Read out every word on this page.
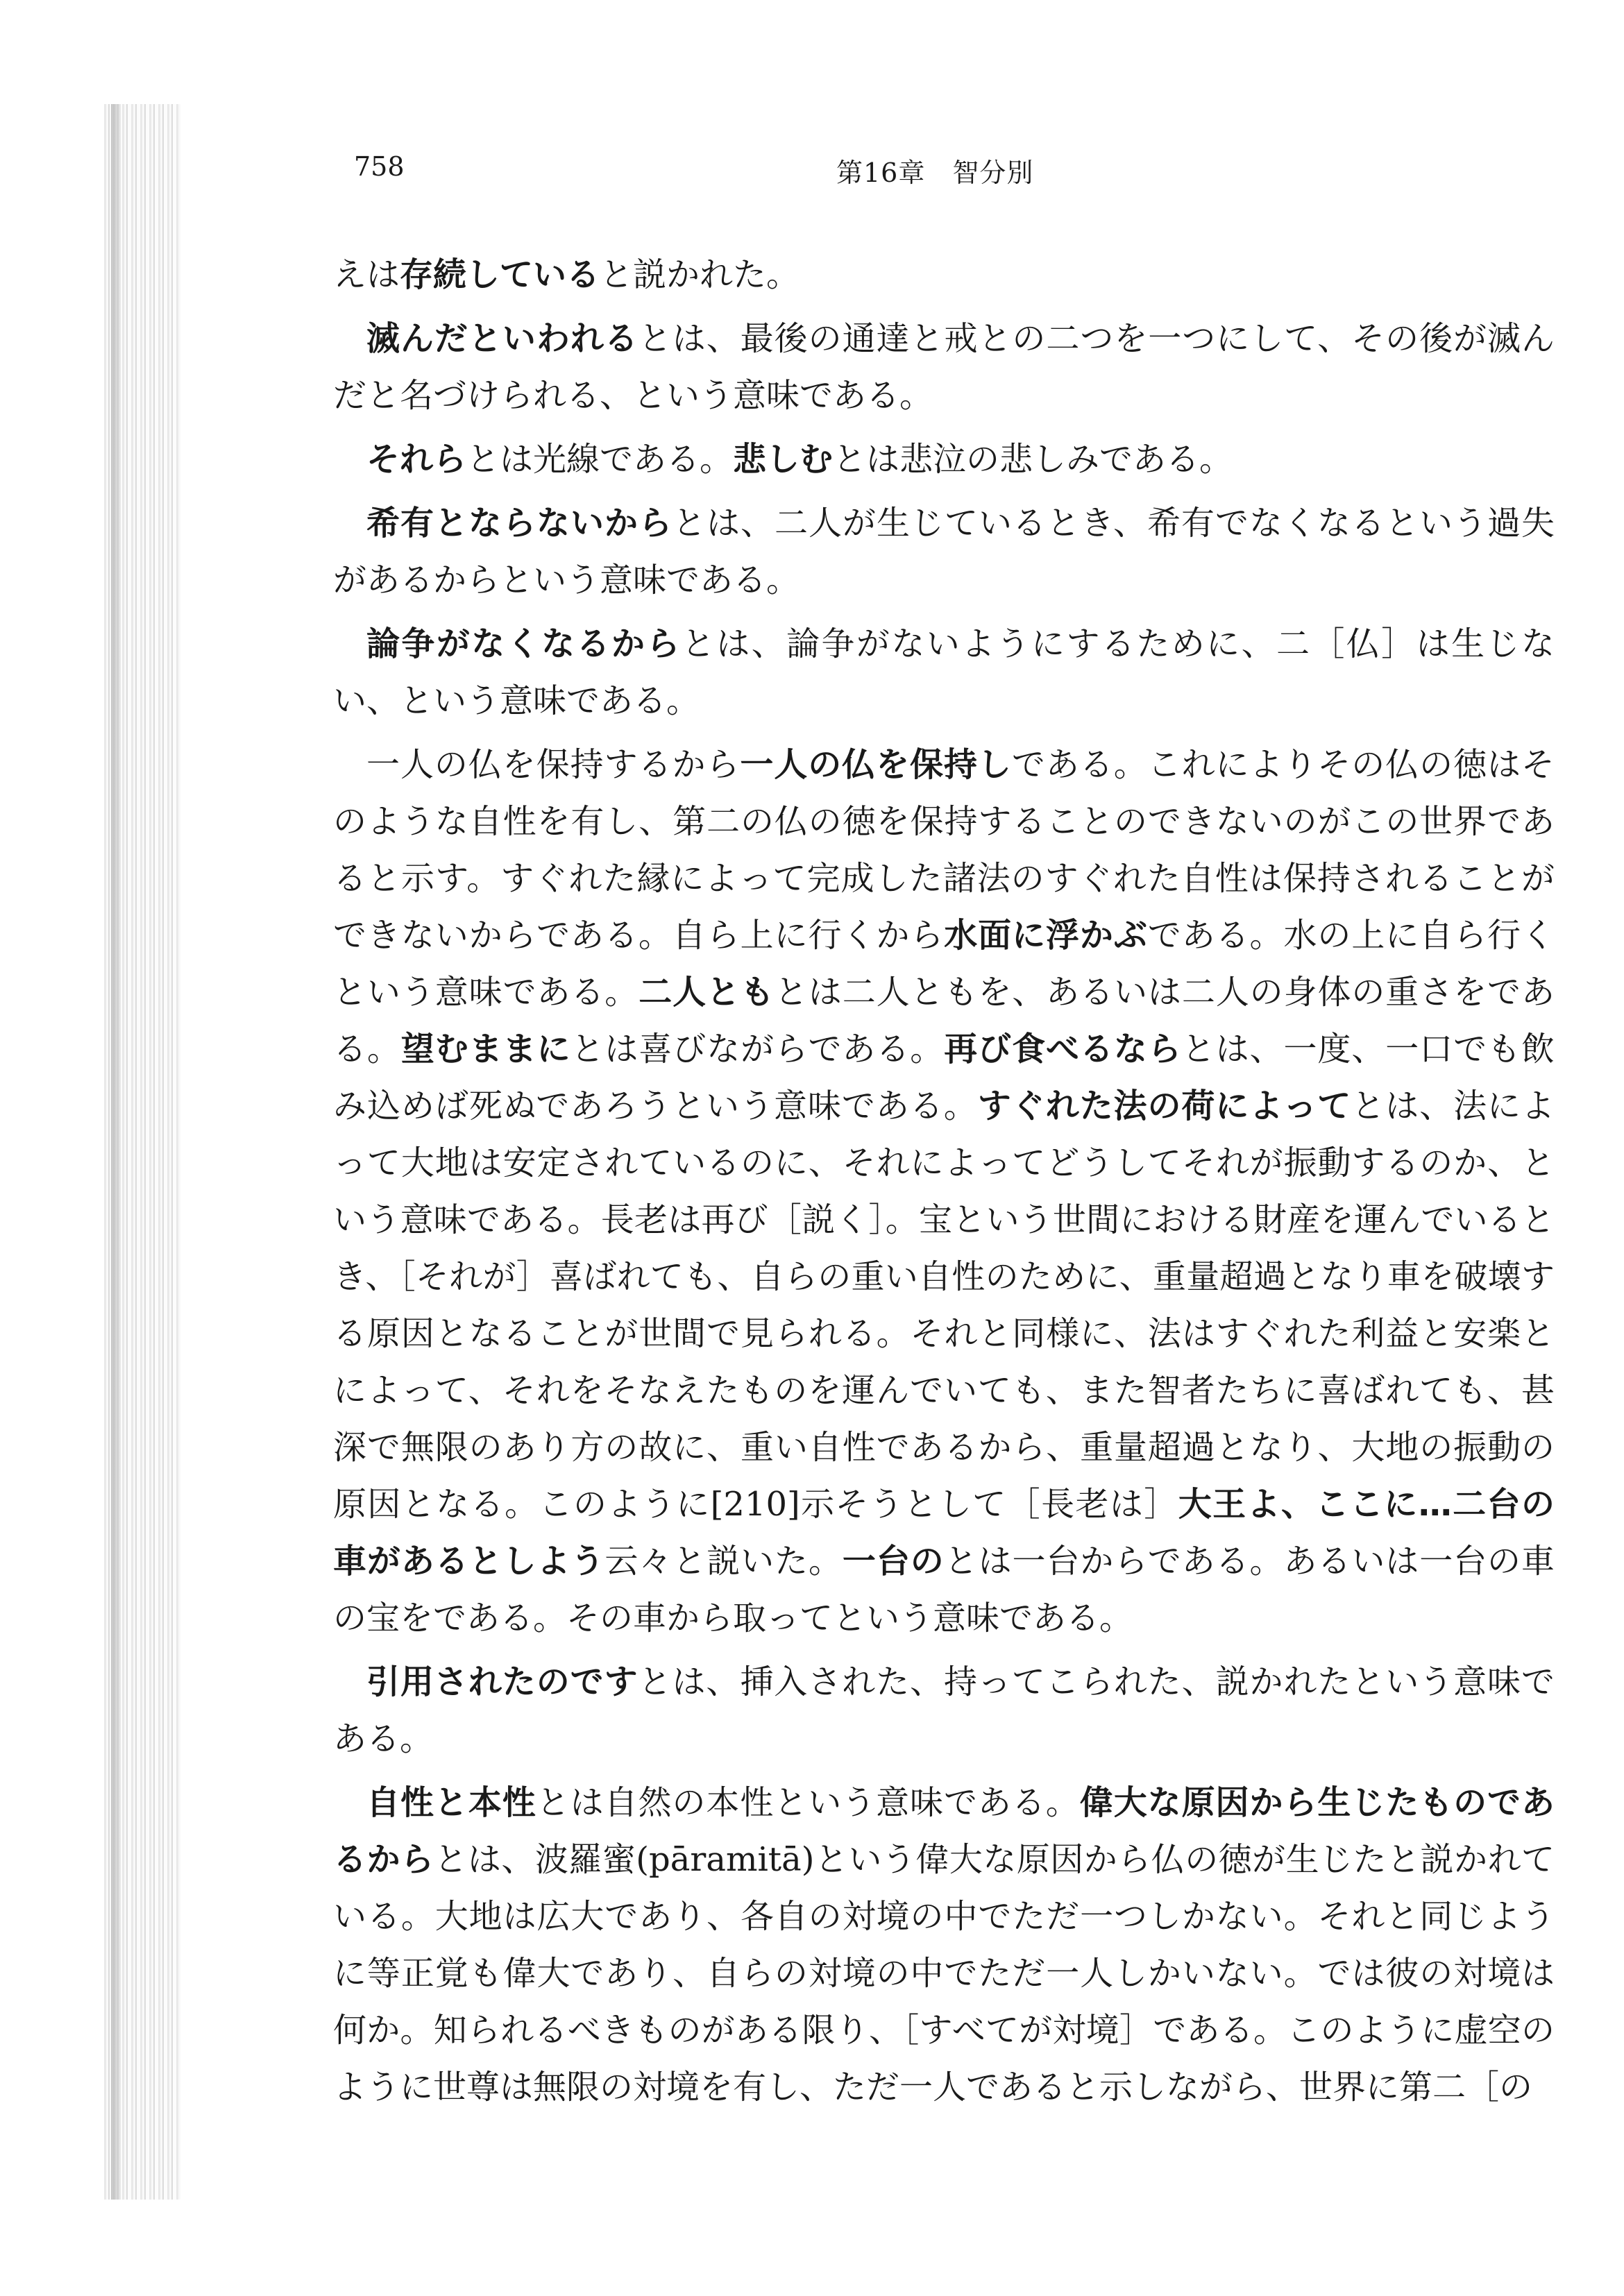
758	第16章　智分別

えは存続していると説かれた。

滅んだといわれるとは、最後の通達と戒との二つを一つにして、その後が滅んだと名づけられる、という意味である。

それらとは光線である。悲しむとは悲泣の悲しみである。

希有とならないからとは、二人が生じているとき、希有でなくなるという過失があるからという意味である。

論争がなくなるからとは、論争がないようにするために、二［仏］は生じない、という意味である。

一人の仏を保持するから一人の仏を保持しである。これによりその仏の徳はそのような自性を有し、第二の仏の徳を保持することのできないのがこの世界であると示す。すぐれた縁によって完成した諸法のすぐれた自性は保持されることができないからである。自ら上に行くから水面に浮かぶである。水の上に自ら行くという意味である。二人ともとは二人ともを、あるいは二人の身体の重さをである。望むままにとは喜びながらである。再び食べるならとは、一度、一口でも飲み込めば死ぬであろうという意味である。すぐれた法の荷によってとは、法によって大地は安定されているのに、それによってどうしてそれが振動するのか、という意味である。長老は再び［説く］。宝という世間における財産を運んでいるとき、［それが］喜ばれても、自らの重い自性のために、重量超過となり車を破壊する原因となることが世間で見られる。それと同様に、法はすぐれた利益と安楽とによって、それをそなえたものを運んでいても、また智者たちに喜ばれても、甚深で無限のあり方の故に、重い自性であるから、重量超過となり、大地の振動の原因となる。このように[210]示そうとして［長老は］大王よ、ここに…二台の車があるとしよう云々と説いた。一台のとは一台からである。あるいは一台の車の宝をである。その車から取ってという意味である。

引用されたのですとは、挿入された、持ってこられた、説かれたという意味である。

自性と本性とは自然の本性という意味である。偉大な原因から生じたものであるからとは、波羅蜜(pāramitā)という偉大な原因から仏の徳が生じたと説かれている。大地は広大であり、各自の対境の中でただ一つしかない。それと同じように等正覚も偉大であり、自らの対境の中でただ一人しかいない。では彼の対境は何か。知られるべきものがある限り、［すべてが対境］である。このように虚空のように世尊は無限の対境を有し、ただ一人であると示しながら、世界に第二［の
